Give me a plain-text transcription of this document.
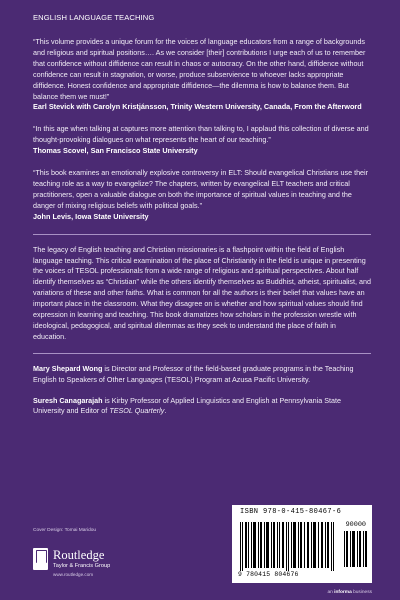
ENGLISH LANGUAGE TEACHING

“This volume provides a unique forum for the voices of language educators from a range of backgrounds and religious and spiritual positions…. As we consider [their] contributions I urge each of us to remember that confidence without diffidence can result in chaos or autocracy. On the other hand, diffidence without confidence can result in stagnation, or worse, produce subservience to whoever lacks appropriate diffidence. Honest confidence and appropriate diffidence—the dilemma is how to balance them. But balance them we must!”

Earl Stevick with Carolyn Kristjánsson, Trinity Western University, Canada, From the Afterword

“In this age when talking at captures more attention than talking to, I applaud this collection of diverse and thought-provoking dialogues on what represents the heart of our teaching.”

Thomas Scovel, San Francisco State University

“This book examines an emotionally explosive controversy in ELT: Should evangelical Christians use their teaching role as a way to evangelize? The chapters, written by evangelical ELT teachers and critical practitioners, open a valuable dialogue on both the importance of spiritual values in teaching and the danger of mixing religious beliefs with political goals.”

John Levis, Iowa State University

The legacy of English teaching and Christian missionaries is a flashpoint within the field of English language teaching. This critical examination of the place of Christianity in the field is unique in presenting the voices of TESOL professionals from a wide range of religious and spiritual perspectives. About half identify themselves as “Christian” while the others identify themselves as Buddhist, atheist, spiritualist, and variations of these and other faiths. What is common for all the authors is their belief that values have an important place in the classroom. What they disagree on is whether and how spiritual values should find expression in learning and teaching. This book dramatizes how scholars in the profession wrestle with ideological, pedagogical, and spiritual dilemmas as they seek to understand the place of faith in education.

Mary Shepard Wong is Director and Professor of the field-based graduate programs in the Teaching English to Speakers of Other Languages (TESOL) Program at Azusa Pacific University.

Suresh Canagarajah is Kirby Professor of Applied Linguistics and English at Pennsylvania State University and Editor of TESOL Quarterly.

Cover Design: Tomai Maridou
Routledge
Taylor & Francis Group
www.routledge.com
ISBN 978-0-415-80467-6
90000
9 780415 804676
an informa business
